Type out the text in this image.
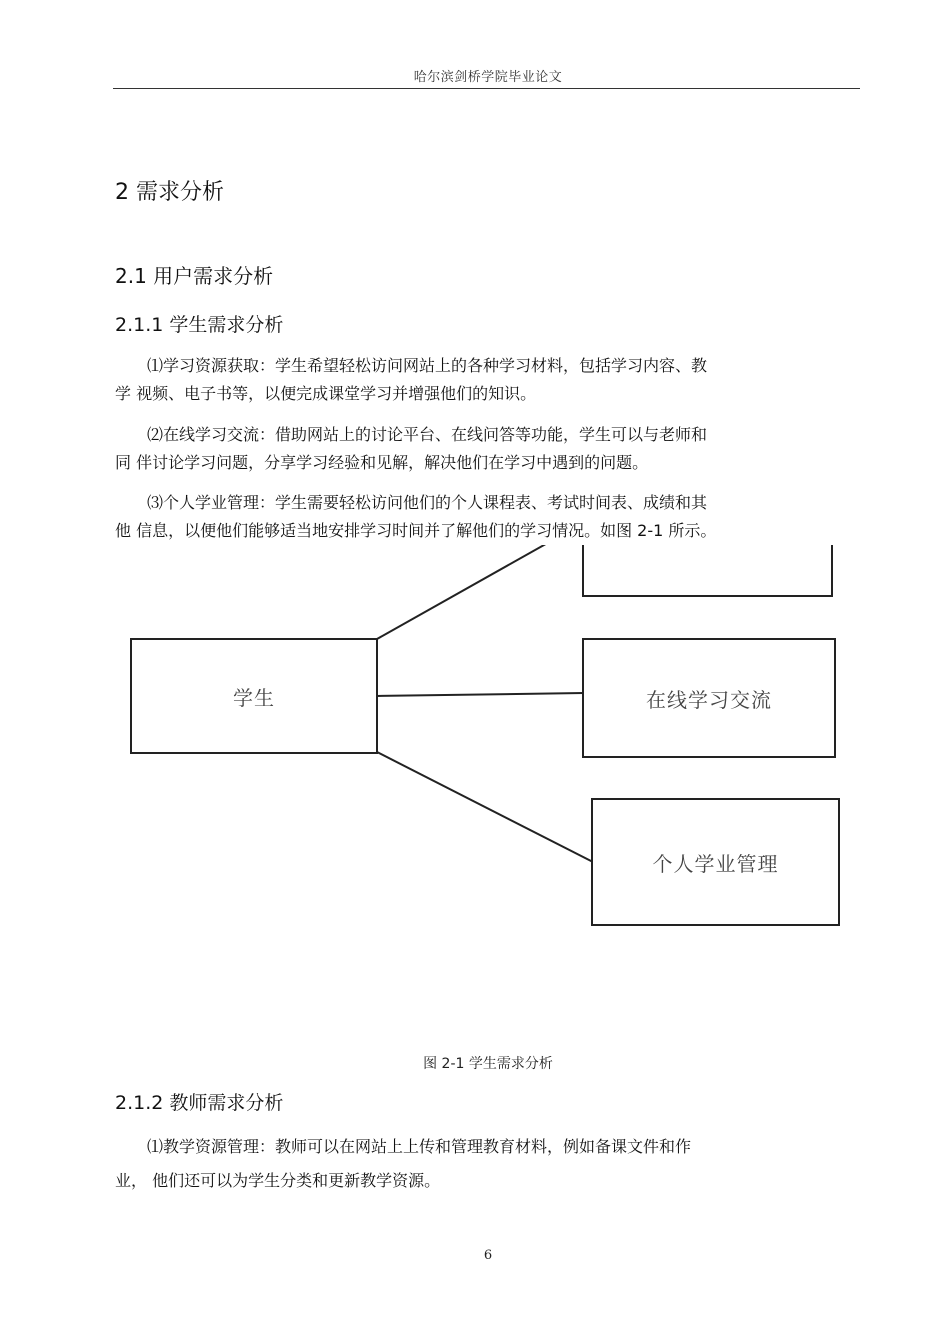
哈尔滨剑桥学院毕业论文
2 需求分析
2.1 用户需求分析
2.1.1 学生需求分析
⑴学习资源获取：学生希望轻松访问网站上的各种学习材料，包括学习内容、教
学 视频、电子书等，以便完成课堂学习并增强他们的知识。
⑵在线学习交流：借助网站上的讨论平台、在线问答等功能，学生可以与老师和
同 伴讨论学习问题，分享学习经验和见解，解决他们在学习中遇到的问题。
学生	在线学习交流
个人学业管理
⑶个人学业管理：学生需要轻松访问他们的个人课程表、考试时间表、成绩和其
他 信息，以便他们能够适当地安排学习时间并了解他们的学习情况。如图 2-1 所示。
图 2-1 学生需求分析
2.1.2 教师需求分析
⑴教学资源管理：教师可以在网站上上传和管理教育材料，例如备课文件和作
业， 他们还可以为学生分类和更新教学资源。
6
